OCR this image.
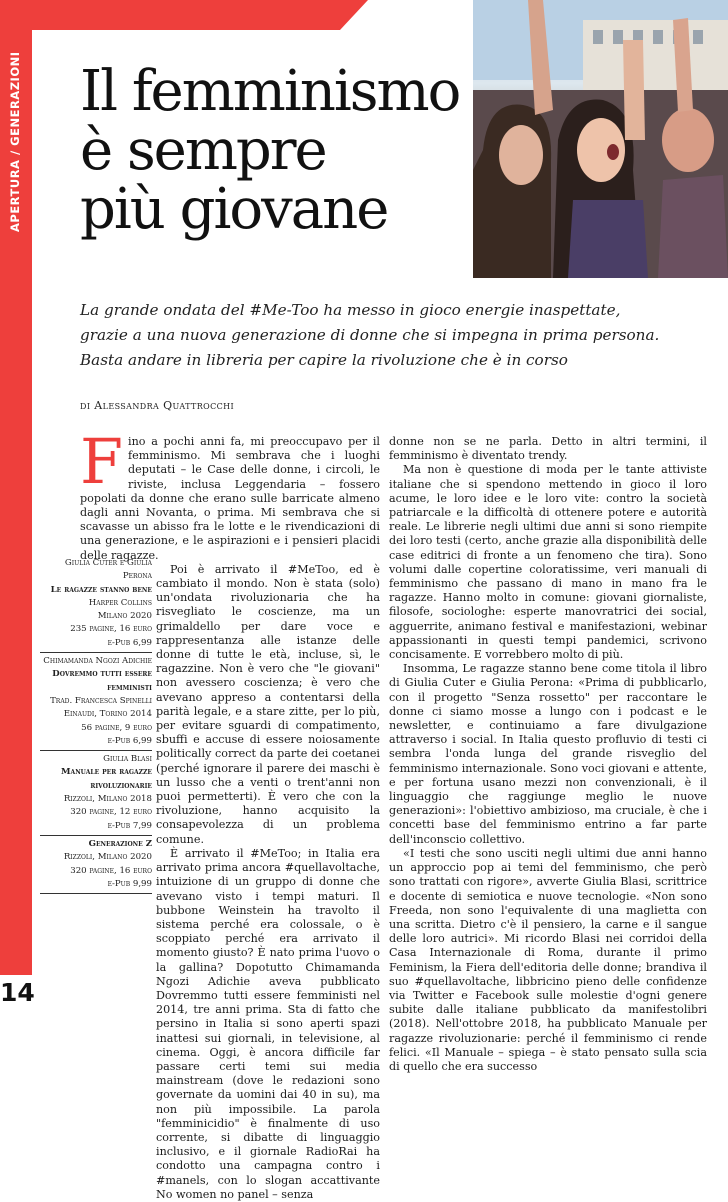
APERTURA / GENERAZIONI
14
Il femminismo
è sempre
più giovane
La grande ondata del #Me-Too ha messo in gioco energie inaspettate,
grazie a una nuova generazione di donne che si impegna in prima persona.
Basta andare in libreria per capire la rivoluzione che è in corso
di Alessandra Quattrocchi
Giulia Cuter e Giulia Perona
Le ragazze stanno bene
Harper Collins
Milano 2020
235 pagine, 16 euro
e-Pub 6,99
Chimamanda Ngozi Adichie
Dovremmo tutti essere femministi
Trad. Francesca Spinelli
Einaudi, Torino 2014
56 pagine, 9 euro
e-Pub 6,99
Giulia Blasi
Manuale per ragazze rivoluzionarie
Rizzoli, Milano 2018
320 pagine, 12 euro
e-Pub 7,99
Generazione Z
Rizzoli, Milano 2020
320 pagine, 16 euro
e-Pub 9,99

Fino a pochi anni fa, mi preoccupavo per il femminismo. Mi sembrava che i luoghi deputati – le Case delle donne, i circoli, le riviste, inclusa Leggendaria – fossero popolati da donne che erano sulle barricate almeno dagli anni Novanta, o prima. Mi sembrava che si scavasse un abisso fra le lotte e le rivendicazioni di una generazione, e le aspirazioni e i pensieri placidi delle ragazze.

Poi è arrivato il #MeToo, ed è cambiato il mondo. Non è stata (solo) un'ondata rivoluzionaria che ha risvegliato le coscienze, ma un grimaldello per dare voce e rappresentanza alle istanze delle donne di tutte le età, incluse, sì, le ragazzine. Non è vero che "le giovani" non avessero coscienza; è vero che avevano appreso a contentarsi della parità legale, e a stare zitte, per lo più, per evitare sguardi di compatimento, sbuffi e accuse di essere noiosamente politically correct da parte dei coetanei (perché ignorare il parere dei maschi è un lusso che a venti o trent'anni non puoi permetterti). È vero che con la rivoluzione, hanno acquisito la consapevolezza di un problema comune.

È arrivato il #MeToo; in Italia era arrivato prima ancora #quellavoltache, intuizione di un gruppo di donne che avevano visto i tempi maturi. Il bubbone Weinstein ha travolto il sistema perché era colossale, o è scoppiato perché era arrivato il momento giusto? È nato prima l'uovo o la gallina? Dopotutto Chimamanda Ngozi Adichie aveva pubblicato Dovremmo tutti essere femministi nel 2014, tre anni prima. Sta di fatto che persino in Italia si sono aperti spazi inattesi sui giornali, in televisione, al cinema. Oggi, è ancora difficile far passare certi temi sui media mainstream (dove le redazioni sono governate da uomini dai 40 in su), ma non più impossibile. La parola "femminicidio" è finalmente di uso corrente, si dibatte di linguaggio inclusivo, e il giornale RadioRai ha condotto una campagna contro i #manels, con lo slogan accattivante No women no panel – senza

donne non se ne parla. Detto in altri termini, il femminismo è diventato trendy.

Ma non è questione di moda per le tante attiviste italiane che si spendono mettendo in gioco il loro acume, le loro idee e le loro vite: contro la società patriarcale e la difficoltà di ottenere potere e autorità reale. Le librerie negli ultimi due anni si sono riempite dei loro testi (certo, anche grazie alla disponibilità delle case editrici di fronte a un fenomeno che tira). Sono volumi dalle copertine coloratissime, veri manuali di femminismo che passano di mano in mano fra le ragazze. Hanno molto in comune: giovani giornaliste, filosofe, sociologhe: esperte manovratrici dei social, agguerrite, animano festival e manifestazioni, webinar appassionanti in questi tempi pandemici, scrivono concisamente. E vorrebbero molto di più.

Insomma, Le ragazze stanno bene come titola il libro di Giulia Cuter e Giulia Perona: «Prima di pubblicarlo, con il progetto "Senza rossetto" per raccontare le donne ci siamo mosse a lungo con i podcast e le newsletter, e continuiamo a fare divulgazione attraverso i social. In Italia questo profluvio di testi ci sembra l'onda lunga del grande risveglio del femminismo internazionale. Sono voci giovani e attente, e per fortuna usano mezzi non convenzionali, è il linguaggio che raggiunge meglio le nuove generazioni»: l'obiettivo ambizioso, ma cruciale, è che i concetti base del femminismo entrino a far parte dell'inconscio collettivo.

«I testi che sono usciti negli ultimi due anni hanno un approccio pop ai temi del femminismo, che però sono trattati con rigore», avverte Giulia Blasi, scrittrice e docente di semiotica e nuove tecnologie. «Non sono Freeda, non sono l'equivalente di una maglietta con una scritta. Dietro c'è il pensiero, la carne e il sangue delle loro autrici». Mi ricordo Blasi nei corridoi della Casa Internazionale di Roma, durante il primo Feminism, la Fiera dell'editoria delle donne; brandiva il suo #quellavoltache, libbricino pieno delle confidenze via Twitter e Facebook sulle molestie d'ogni genere subite dalle italiane pubblicato da manifestolibri (2018). Nell'ottobre 2018, ha pubblicato Manuale per ragazze rivoluzionarie: perché il femminismo ci rende felici. «Il Manuale – spiega – è stato pensato sulla scia di quello che era successo
